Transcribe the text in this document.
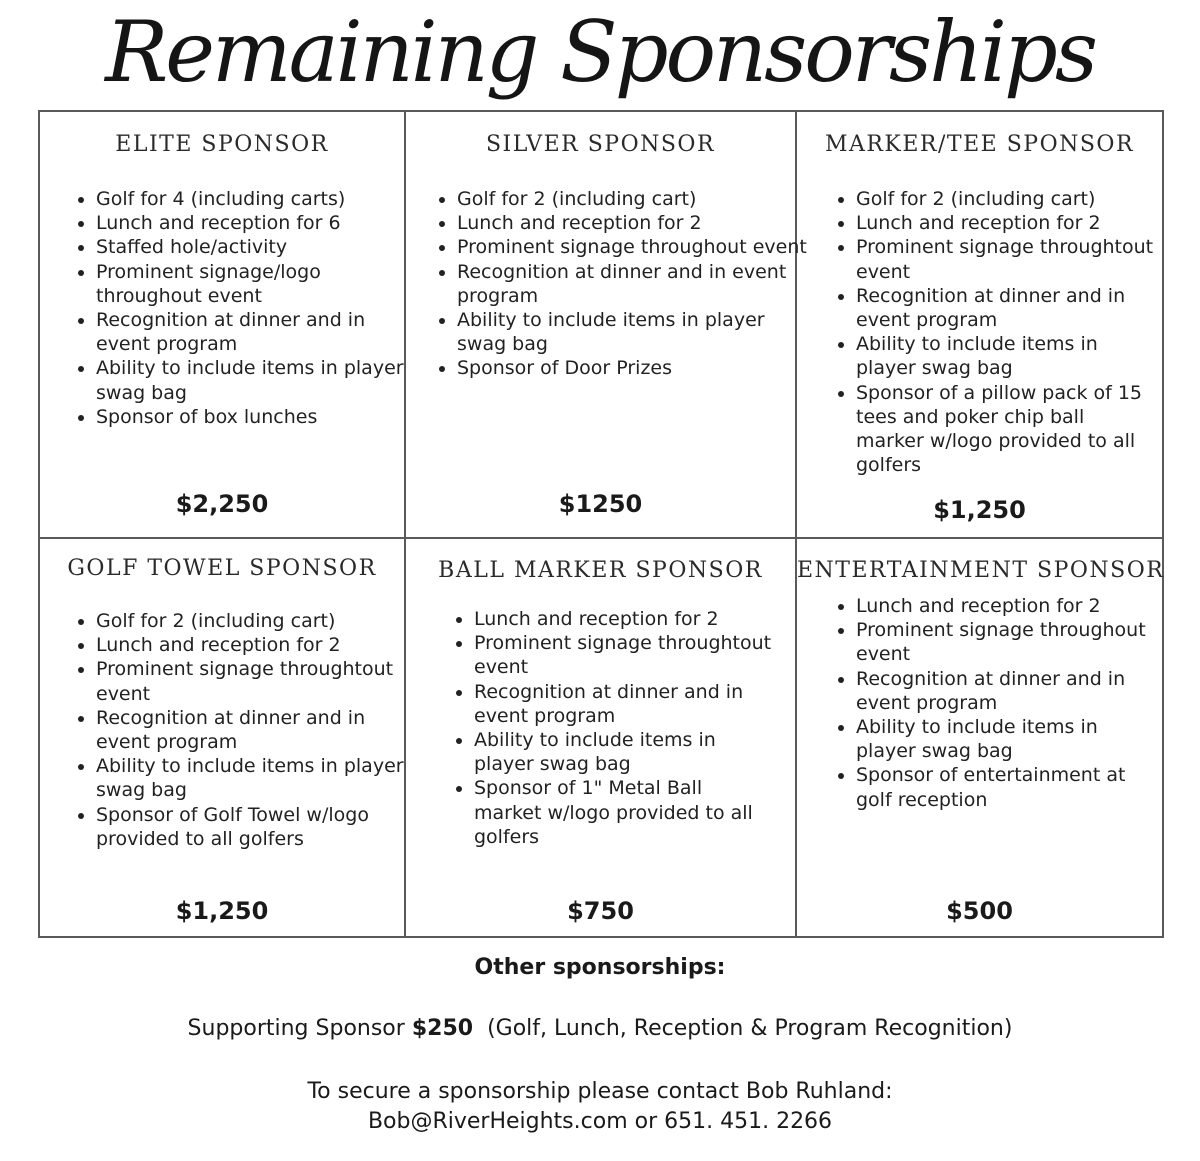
Remaining Sponsorships
ELITE SPONSOR
• Golf for 4 (including carts)
• Lunch and reception for 6
• Staffed hole/activity
• Prominent signage/logo throughout event
• Recognition at dinner and in event program
• Ability to include items in player swag bag
• Sponsor of box lunches
$2,250
SILVER SPONSOR
• Golf for 2 (including cart)
• Lunch and reception for 2
• Prominent signage throughout event
• Recognition at dinner and in event program
• Ability to include items in player swag bag
• Sponsor of Door Prizes
$1250
MARKER/TEE SPONSOR
• Golf for 2 (including cart)
• Lunch and reception for 2
• Prominent signage throughtout event
• Recognition at dinner and in event program
• Ability to include items in player swag bag
• Sponsor of a pillow pack of 15 tees and poker chip ball marker w/logo provided to all golfers
$1,250
GOLF TOWEL SPONSOR
• Golf for 2 (including cart)
• Lunch and reception for 2
• Prominent signage throughtout event
• Recognition at dinner and in event program
• Ability to include items in player swag bag
• Sponsor of Golf Towel w/logo provided to all golfers
$1,250
BALL MARKER SPONSOR
• Lunch and reception for 2
• Prominent signage throughtout event
• Recognition at dinner and in event program
• Ability to include items in player swag bag
• Sponsor of 1" Metal Ball market w/logo provided to all golfers
$750
ENTERTAINMENT SPONSOR
• Lunch and reception for 2
• Prominent signage throughout event
• Recognition at dinner and in event program
• Ability to include items in player swag bag
• Sponsor of entertainment at golf reception
$500
Other sponsorships:
Supporting Sponsor $250 (Golf, Lunch, Reception & Program Recognition)
To secure a sponsorship please contact Bob Ruhland:
Bob@RiverHeights.com or 651. 451. 2266
